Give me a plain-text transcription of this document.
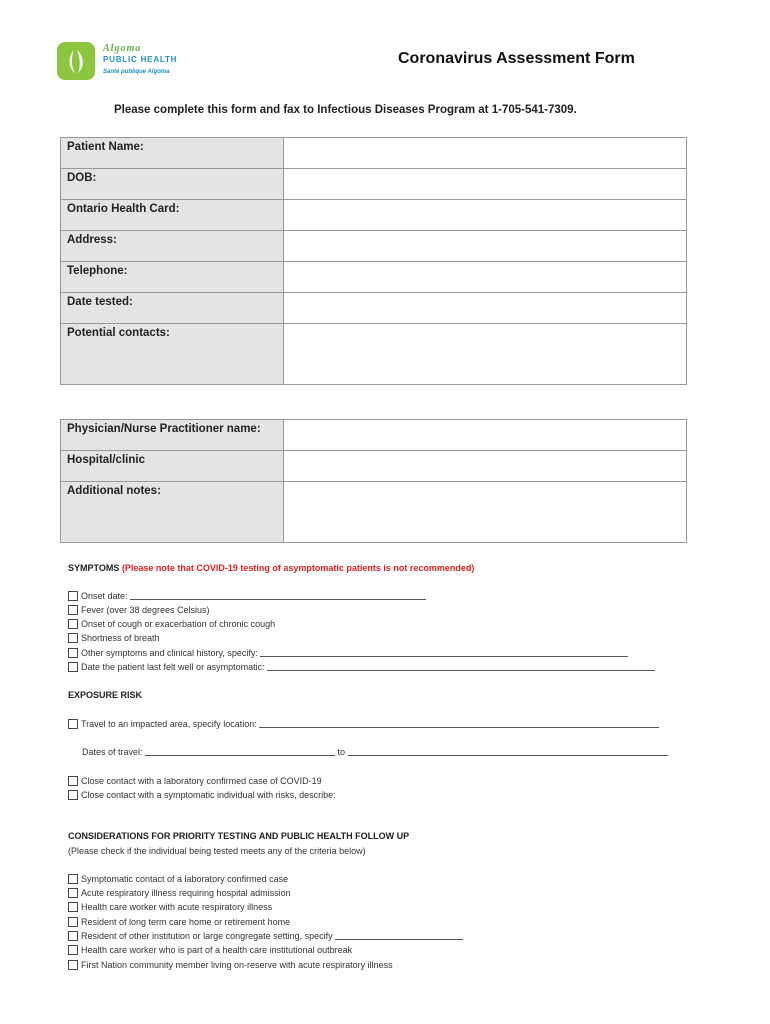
Algoma
PUBLIC HEALTH
Santé publique Algoma
Coronavirus Assessment Form
Please complete this form and fax to Infectious Diseases Program at 1-705-541-7309.
Patient Name:	

DOB:	

Ontario Health Card:	

Address:	

Telephone:	

Date tested:	

Potential contacts:	

Physician/Nurse Practitioner name:	

Hospital/clinic	

Additional notes:	

SYMPTOMS (Please note that COVID-19 testing of asymptomatic patients is not recommended)
Onset date:
Fever (over 38 degrees Celsius)
Onset of cough or exacerbation of chronic cough
Shortness of breath
Other symptoms and clinical history, specify:
Date the patient last felt well or asymptomatic:
EXPOSURE RISK
Travel to an impacted area, specify location:
Dates of travel:	to
Close contact with a laboratory confirmed case of COVID-19
Close contact with a symptomatic individual with risks, describe:
CONSIDERATIONS FOR PRIORITY TESTING AND PUBLIC HEALTH FOLLOW UP
(Please check if the individual being tested meets any of the criteria below)
Symptomatic contact of a laboratory confirmed case
Acute respiratory illness requiring hospital admission
Health care worker with acute respiratory illness
Resident of long term care home or retirement home
Resident of other institution or large congregate setting, specify
Health care worker who is part of a health care institutional outbreak
First Nation community member living on-reserve with acute respiratory illness
